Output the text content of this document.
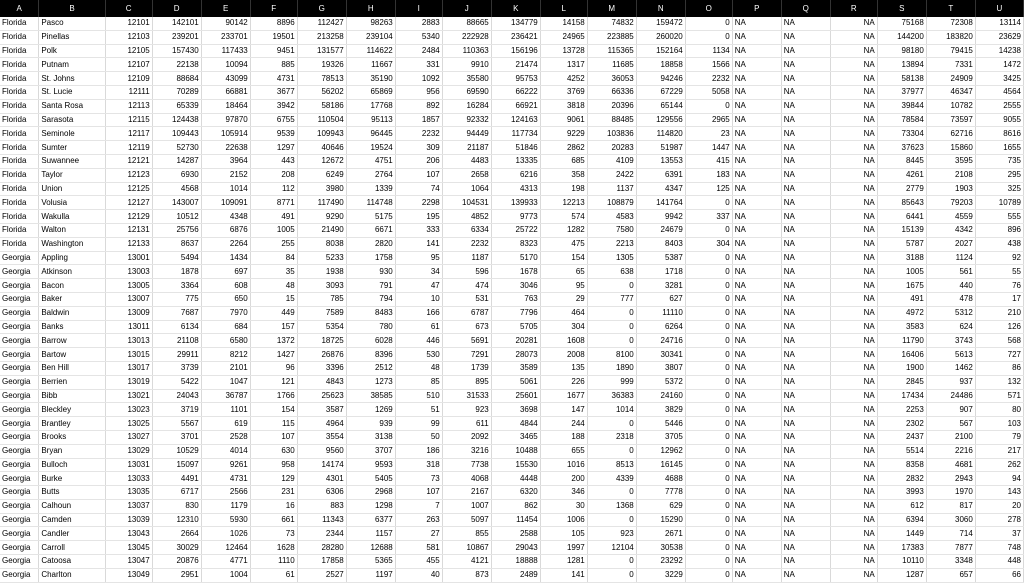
A	B	C	D	E	F	G	H	I	J	K	L	M	N	O	P	Q	R	S	T	U
Florida	Pasco	12101	142101	90142	8896	112427	98263	2883	88665	134779	14158	74832	159472	0	NA	NA	NA	75168	72308	13114
Florida	Pinellas	12103	239201	233701	19501	213258	239104	5340	222928	236421	24965	223885	260020	0	NA	NA	NA	144200	183820	23629
Florida	Polk	12105	157430	117433	9451	131577	114622	2484	110363	156196	13728	115365	152164	1134	NA	NA	NA	98180	79415	14238
Florida	Putnam	12107	22138	10094	885	19326	11667	331	9910	21474	1317	11685	18858	1566	NA	NA	NA	13894	7331	1472
Florida	St. Johns	12109	88684	43099	4731	78513	35190	1092	35580	95753	4252	36053	94246	2232	NA	NA	NA	58138	24909	3425
Florida	St. Lucie	12111	70289	66881	3677	56202	65869	956	69590	66222	3769	66336	67229	5058	NA	NA	NA	37977	46347	4564
Florida	Santa Rosa	12113	65339	18464	3942	58186	17768	892	16284	66921	3818	20396	65144	0	NA	NA	NA	39844	10782	2555
Florida	Sarasota	12115	124438	97870	6755	110504	95113	1857	92332	124163	9061	88485	129556	2965	NA	NA	NA	78584	73597	9055
Florida	Seminole	12117	109443	105914	9539	109943	96445	2232	94449	117734	9229	103836	114820	23	NA	NA	NA	73304	62716	8616
Florida	Sumter	12119	52730	22638	1297	40646	19524	309	21187	51846	2862	20283	51987	1447	NA	NA	NA	37623	15860	1655
Florida	Suwannee	12121	14287	3964	443	12672	4751	206	4483	13335	685	4109	13553	415	NA	NA	NA	8445	3595	735
Florida	Taylor	12123	6930	2152	208	6249	2764	107	2658	6216	358	2422	6391	183	NA	NA	NA	4261	2108	295
Florida	Union	12125	4568	1014	112	3980	1339	74	1064	4313	198	1137	4347	125	NA	NA	NA	2779	1903	325
Florida	Volusia	12127	143007	109091	8771	117490	114748	2298	104531	139933	12213	108879	141764	0	NA	NA	NA	85643	79203	10789
Florida	Wakulla	12129	10512	4348	491	9290	5175	195	4852	9773	574	4583	9942	337	NA	NA	NA	6441	4559	555
Florida	Walton	12131	25756	6876	1005	21490	6671	333	6334	25722	1282	7580	24679	0	NA	NA	NA	15139	4342	896
Florida	Washington	12133	8637	2264	255	8038	2820	141	2232	8323	475	2213	8403	304	NA	NA	NA	5787	2027	438
Georgia	Appling	13001	5494	1434	84	5233	1758	95	1187	5170	154	1305	5387	0	NA	NA	NA	3188	1124	92
Georgia	Atkinson	13003	1878	697	35	1938	930	34	596	1678	65	638	1718	0	NA	NA	NA	1005	561	55
Georgia	Bacon	13005	3364	608	48	3093	791	47	474	3046	95	0	3281	0	NA	NA	NA	1675	440	76
Georgia	Baker	13007	775	650	15	785	794	10	531	763	29	777	627	0	NA	NA	NA	491	478	17
Georgia	Baldwin	13009	7687	7970	449	7589	8483	166	6787	7796	464	0	11110	0	NA	NA	NA	4972	5312	210
Georgia	Banks	13011	6134	684	157	5354	780	61	673	5705	304	0	6264	0	NA	NA	NA	3583	624	126
Georgia	Barrow	13013	21108	6580	1372	18725	6028	446	5691	20281	1608	0	24716	0	NA	NA	NA	11790	3743	568
Georgia	Bartow	13015	29911	8212	1427	26876	8396	530	7291	28073	2008	8100	30341	0	NA	NA	NA	16406	5613	727
Georgia	Ben Hill	13017	3739	2101	96	3396	2512	48	1739	3589	135	1890	3807	0	NA	NA	NA	1900	1462	86
Georgia	Berrien	13019	5422	1047	121	4843	1273	85	895	5061	226	999	5372	0	NA	NA	NA	2845	937	132
Georgia	Bibb	13021	24043	36787	1766	25623	38585	510	31533	25601	1677	36383	24160	0	NA	NA	NA	17434	24486	571
Georgia	Bleckley	13023	3719	1101	154	3587	1269	51	923	3698	147	1014	3829	0	NA	NA	NA	2253	907	80
Georgia	Brantley	13025	5567	619	115	4964	939	99	611	4844	244	0	5446	0	NA	NA	NA	2302	567	103
Georgia	Brooks	13027	3701	2528	107	3554	3138	50	2092	3465	188	2318	3705	0	NA	NA	NA	2437	2100	79
Georgia	Bryan	13029	10529	4014	630	9560	3707	186	3216	10488	655	0	12962	0	NA	NA	NA	5514	2216	217
Georgia	Bulloch	13031	15097	9261	958	14174	9593	318	7738	15530	1016	8513	16145	0	NA	NA	NA	8358	4681	262
Georgia	Burke	13033	4491	4731	129	4301	5405	73	4068	4448	200	4339	4688	0	NA	NA	NA	2832	2943	94
Georgia	Butts	13035	6717	2566	231	6306	2968	107	2167	6320	346	0	7778	0	NA	NA	NA	3993	1970	143
Georgia	Calhoun	13037	830	1179	16	883	1298	7	1007	862	30	1368	629	0	NA	NA	NA	612	817	20
Georgia	Camden	13039	12310	5930	661	11343	6377	263	5097	11454	1006	0	15290	0	NA	NA	NA	6394	3060	278
Georgia	Candler	13043	2664	1026	73	2344	1157	27	855	2588	105	923	2671	0	NA	NA	NA	1449	714	37
Georgia	Carroll	13045	30029	12464	1628	28280	12688	581	10867	29043	1997	12104	30538	0	NA	NA	NA	17383	7877	748
Georgia	Catoosa	13047	20876	4771	1110	17858	5365	455	4121	18888	1281	0	23292	0	NA	NA	NA	10110	3348	448
Georgia	Charlton	13049	2951	1004	61	2527	1197	40	873	2489	141	0	3229	0	NA	NA	NA	1287	657	66
